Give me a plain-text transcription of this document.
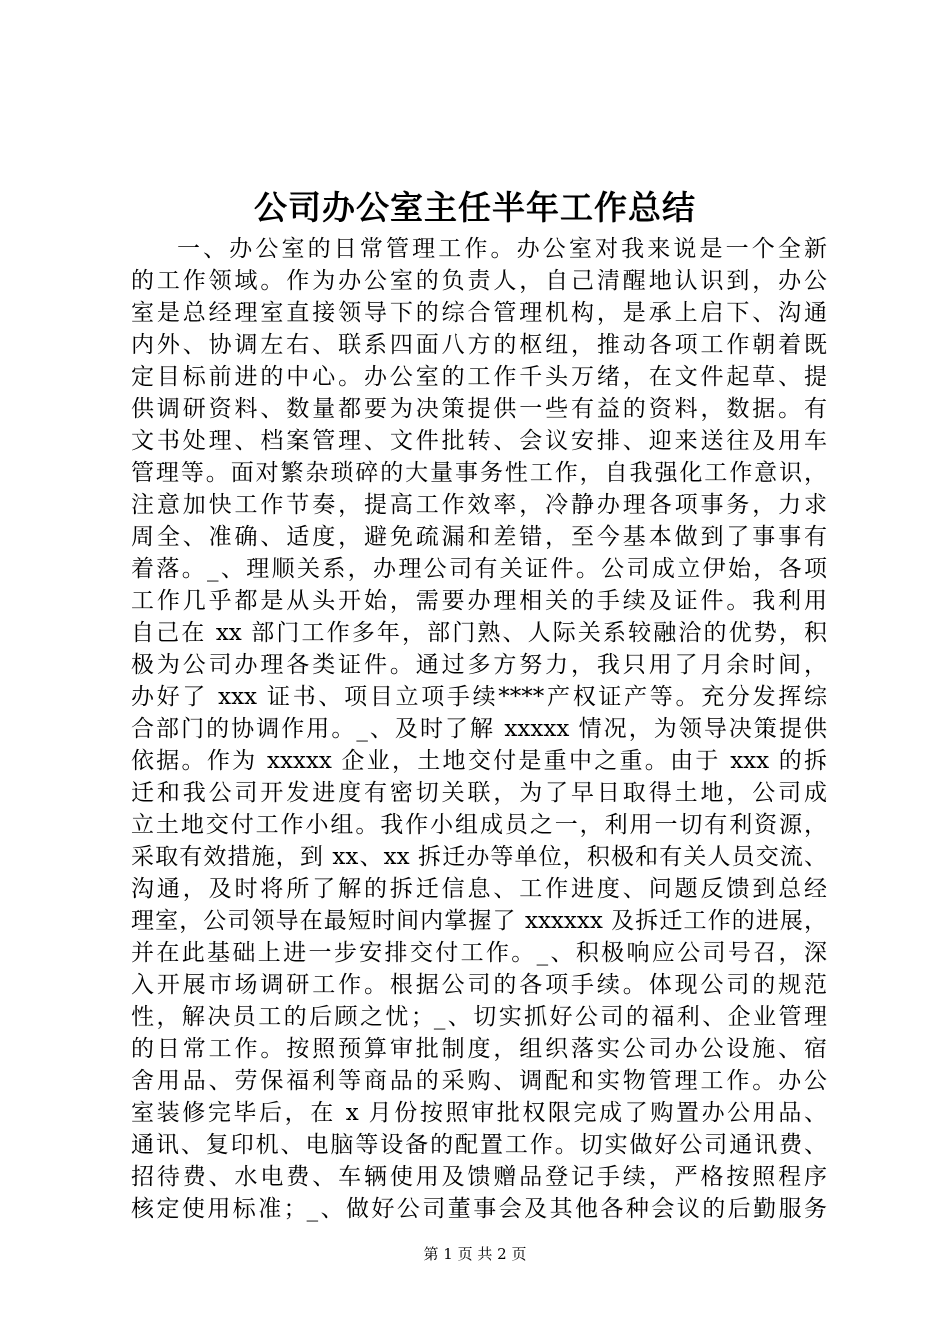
公司办公室主任半年工作总结
一、办公室的日常管理工作。办公室对我来说是一个全新
的工作领域。作为办公室的负责人，自己清醒地认识到，办公
室是总经理室直接领导下的综合管理机构，是承上启下、沟通
内外、协调左右、联系四面八方的枢纽，推动各项工作朝着既
定目标前进的中心。办公室的工作千头万绪，在文件起草、提
供调研资料、数量都要为决策提供一些有益的资料，数据。有
文书处理、档案管理、文件批转、会议安排、迎来送往及用车
管理等。面对繁杂琐碎的大量事务性工作，自我强化工作意识，
注意加快工作节奏，提高工作效率，冷静办理各项事务，力求
周全、准确、适度，避免疏漏和差错，至今基本做到了事事有
着落。_、理顺关系，办理公司有关证件。公司成立伊始，各项
工作几乎都是从头开始，需要办理相关的手续及证件。我利用
自己在 xx 部门工作多年，部门熟、人际关系较融洽的优势，积
极为公司办理各类证件。通过多方努力，我只用了月余时间，
办好了 xxx 证书、项目立项手续****产权证产等。充分发挥综
合部门的协调作用。_、及时了解 xxxxx 情况，为领导决策提供
依据。作为 xxxxx 企业，土地交付是重中之重。由于 xxx 的拆
迁和我公司开发进度有密切关联，为了早日取得土地，公司成
立土地交付工作小组。我作小组成员之一，利用一切有利资源，
采取有效措施，到 xx、xx 拆迁办等单位，积极和有关人员交流、
沟通，及时将所了解的拆迁信息、工作进度、问题反馈到总经
理室，公司领导在最短时间内掌握了 xxxxxx 及拆迁工作的进展，
并在此基础上进一步安排交付工作。_、积极响应公司号召，深
入开展市场调研工作。根据公司的各项手续。体现公司的规范
性，解决员工的后顾之忧；_、切实抓好公司的福利、企业管理
的日常工作。按照预算审批制度，组织落实公司办公设施、宿
舍用品、劳保福利等商品的采购、调配和实物管理工作。办公
室装修完毕后，在 x 月份按照审批权限完成了购置办公用品、
通讯、复印机、电脑等设备的配置工作。切实做好公司通讯费、
招待费、水电费、车辆使用及馈赠品登记手续，严格按照程序
核定使用标准；_、做好公司董事会及其他各种会议的后勤服务
第 1 页 共 2 页
